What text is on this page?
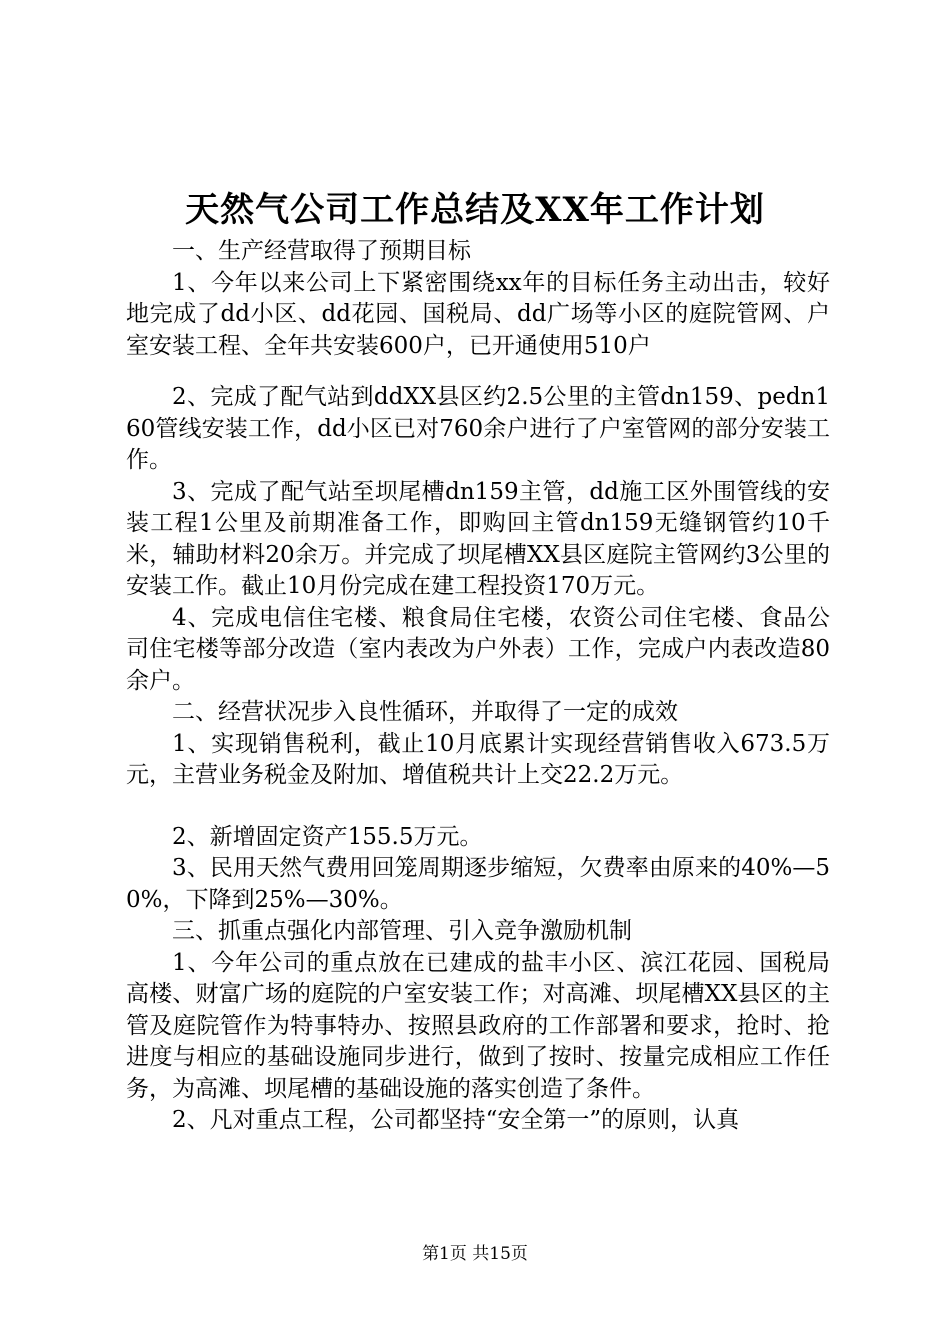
天然气公司工作总结及XX年工作计划

一、生产经营取得了预期目标

1、今年以来公司上下紧密围绕xx年的目标任务主动出击，较好地完成了dd小区、dd花园、国税局、dd广场等小区的庭院管网、户室安装工程、全年共安装600户，已开通使用510户

2、完成了配气站到ddXX县区约2.5公里的主管dn159、pedn160管线安装工作，dd小区已对760余户进行了户室管网的部分安装工作。

3、完成了配气站至坝尾槽dn159主管，dd施工区外围管线的安装工程1公里及前期准备工作，即购回主管dn159无缝钢管约10千米，辅助材料20余万。并完成了坝尾槽XX县区庭院主管网约3公里的安装工作。截止10月份完成在建工程投资170万元。

4、完成电信住宅楼、粮食局住宅楼，农资公司住宅楼、食品公司住宅楼等部分改造（室内表改为户外表）工作，完成户内表改造80余户。

二、经营状况步入良性循环，并取得了一定的成效

1、实现销售税利，截止10月底累计实现经营销售收入673.5万元，主营业务税金及附加、增值税共计上交22.2万元。

2、新增固定资产155.5万元。

3、民用天然气费用回笼周期逐步缩短，欠费率由原来的40%—50%，下降到25%—30%。

三、抓重点强化内部管理、引入竞争激励机制

1、今年公司的重点放在已建成的盐丰小区、滨江花园、国税局高楼、财富广场的庭院的户室安装工作；对高滩、坝尾槽XX县区的主管及庭院管作为特事特办、按照县政府的工作部署和要求，抢时、抢进度与相应的基础设施同步进行，做到了按时、按量完成相应工作任务，为高滩、坝尾槽的基础设施的落实创造了条件。

2、凡对重点工程，公司都坚持“安全第一”的原则，认真

第1页 共15页
